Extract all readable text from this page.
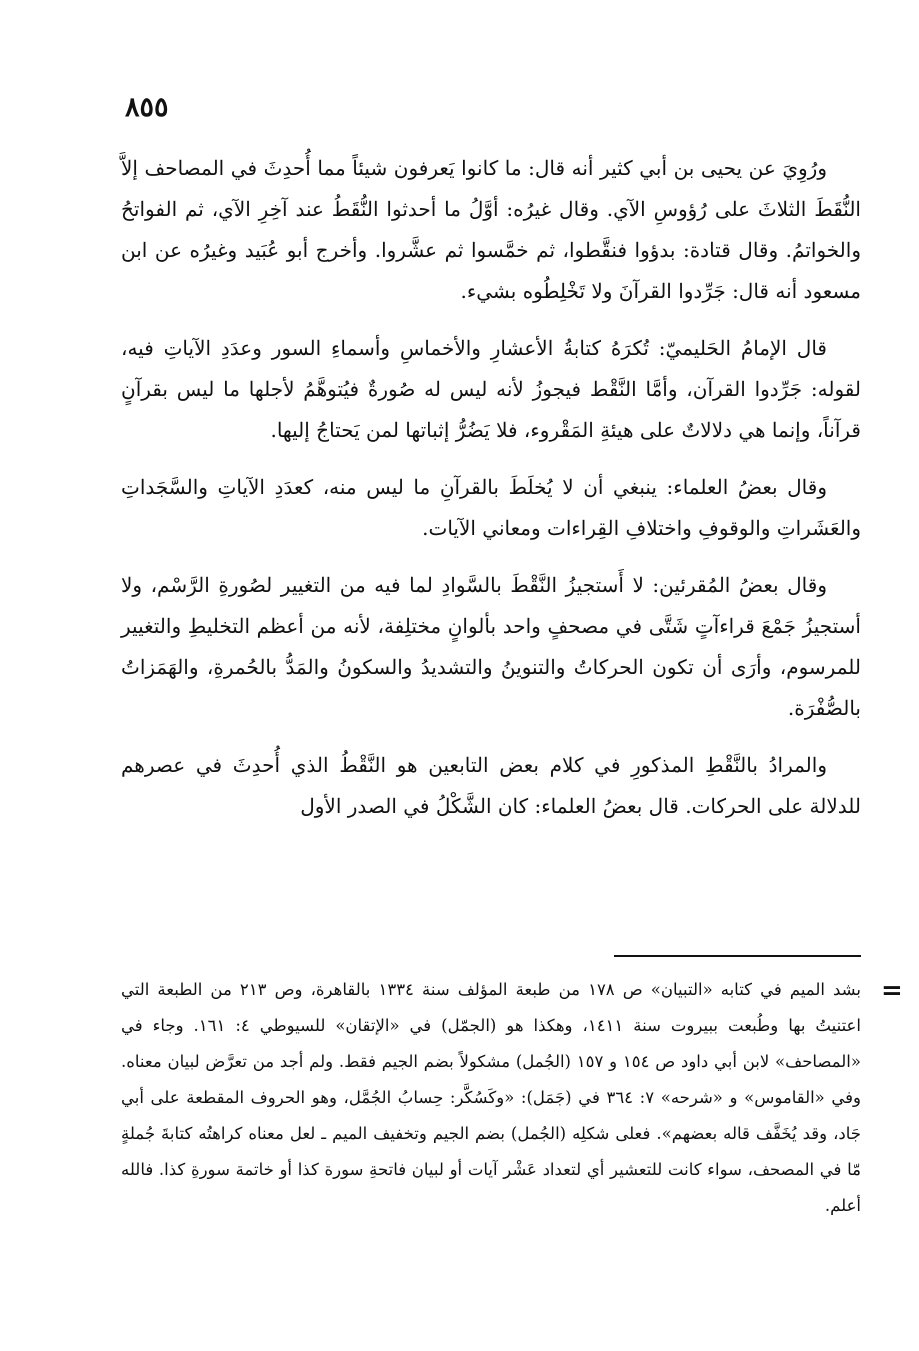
٨٥٥

ورُوِيَ عن يحيى بن أبي كثير أنه قال: ما كانوا يَعرفون شيئاً مما أُحدِثَ في المصاحف إلاَّ النُّقَطَ الثلاثَ على رُؤوسِ الآي. وقال غيرُه: أوَّلُ ما أحدثوا النُّقَطُ عند آخِرِ الآي، ثم الفواتحُ والخواتمُ. وقال قتادة: بدؤوا فنقَّطوا، ثم خمَّسوا ثم عشَّروا. وأخرج أبو عُبَيد وغيرُه عن ابن مسعود أنه قال: جَرِّدوا القرآنَ ولا تَخْلِطُوه بشيء.

قال الإمامُ الحَليميّ: تُكرَهُ كتابةُ الأعشارِ والأخماسِ وأسماءِ السور وعدَدِ الآياتِ فيه، لقوله: جَرِّدوا القرآن، وأمَّا النَّقْط فيجوزُ لأنه ليس له صُورةٌ فيُتوهَّمُ لأجلها ما ليس بقرآنٍ قرآناً، وإنما هي دلالاتٌ على هيئةِ المَقْروء، فلا يَضُرُّ إثباتها لمن يَحتاجُ إليها.

وقال بعضُ العلماء: ينبغي أن لا يُخلَطَ بالقرآنِ ما ليس منه، كعدَدِ الآياتِ والسَّجَداتِ والعَشَراتِ والوقوفِ واختلافِ القِراءات ومعاني الآيات.

وقال بعضُ المُقرئين: لا أَستجيزُ النَّقْطَ بالسَّوادِ لما فيه من التغيير لصُورةِ الرَّسْم، ولا أستجيزُ جَمْعَ قراءآتٍ شَتَّى في مصحفٍ واحد بألوانٍ مختلِفة، لأنه من أعظم التخليطِ والتغيير للمرسوم، وأرَى أن تكون الحركاتُ والتنوينُ والتشديدُ والسكونُ والمَدُّ بالحُمرةِ، والهَمَزاتُ بالصُّفْرَة.

والمرادُ بالنَّقْطِ المذكورِ في كلام بعض التابعين هو النَّقْطُ الذي أُحدِثَ في عصرهم للدلالة على الحركات. قال بعضُ العلماء: كان الشَّكْلُ في الصدر الأول

=

بشد الميم في كتابه «التبيان» ص ١٧٨ من طبعة المؤلف سنة ١٣٣٤ بالقاهرة، وص ٢١٣ من الطبعة التي اعتنيتُ بها وطُبعت ببيروت سنة ١٤١١، وهكذا هو (الجمّل) في «الإتقان» للسيوطي ٤: ١٦١. وجاء في «المصاحف» لابن أبي داود ص ١٥٤ و ١٥٧ (الجُمل) مشكولاً بضم الجيم فقط. ولم أجد من تعرَّض لبيان معناه. وفي «القاموس» و «شرحه» ٧: ٣٦٤ في (جَمَل): «وكَسُكَّر: حِسابُ الجُمَّل، وهو الحروف المقطعة على أبي جَاد، وقد يُخَفَّف قاله بعضهم». فعلى شكلِه (الجُمل) بضم الجيم وتخفيف الميم ـ لعل معناه كراهتُه كتابةَ جُملةٍ مّا في المصحف، سواء كانت للتعشير أي لتعداد عَشْر آيات أو لبيان فاتحةِ سورة كذا أو خاتمة سورةِ كذا. فالله أعلم.
